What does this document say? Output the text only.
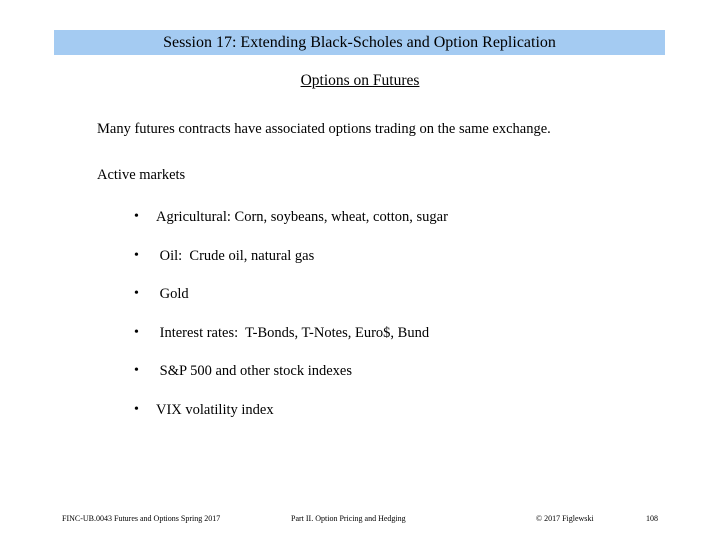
Session 17: Extending Black-Scholes and Option Replication
Options on Futures
Many futures contracts have associated options trading on the same exchange.
Active markets
•	Agricultural: Corn, soybeans, wheat, cotton, sugar
•	Oil:  Crude oil, natural gas
•	Gold
•	Interest rates:  T-Bonds, T-Notes, Euro$, Bund
•	S&P 500 and other stock indexes
•	VIX volatility index
FINC-UB.0043 Futures and Options Spring 2017	Part II. Option Pricing and Hedging	© 2017 Figlewski	108
